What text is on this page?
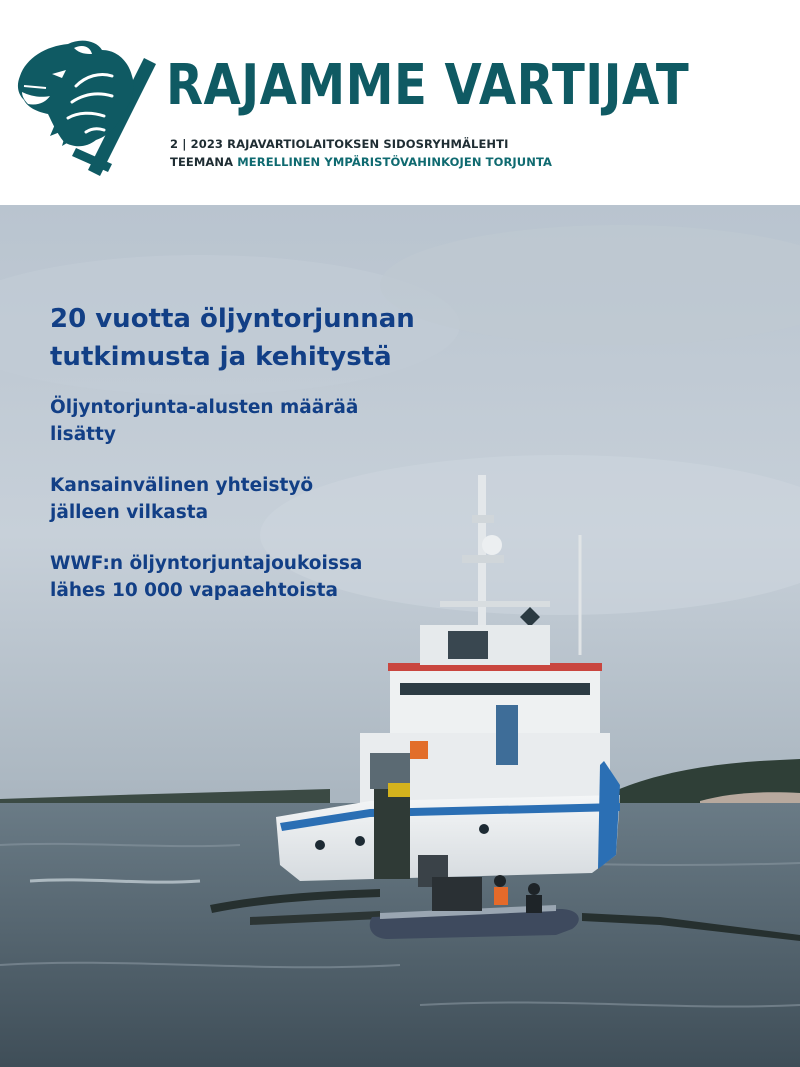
RAJAMME VARTIJAT
2 | 2023 RAJAVARTIOLAITOKSEN SIDOSRYHMÄLEHTI
TEEMANA MERELLINEN YMPÄRISTÖVAHINKOJEN TORJUNTA
20 vuotta öljyntorjunnan tutkimusta ja kehitystä
Öljyntorjunta-alusten määrää lisätty
Kansainvälinen yhteistyö jälleen vilkasta
WWF:n öljyntorjuntajoukoissa lähes 10 000 vapaaehtoista
